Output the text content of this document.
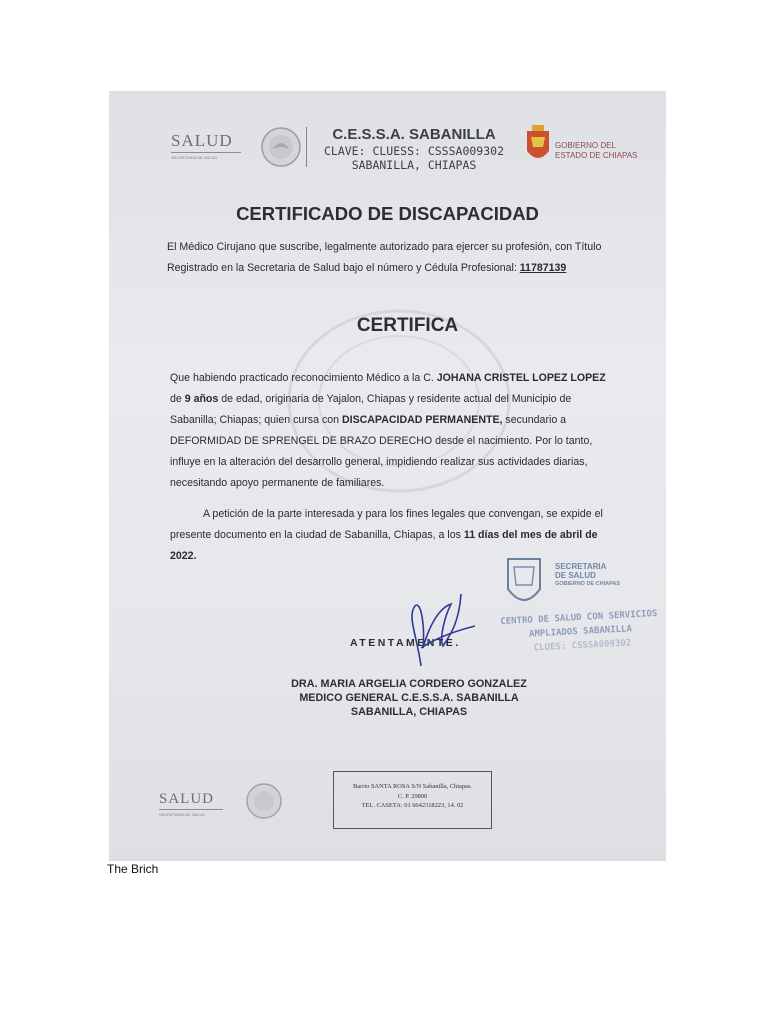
SALUD
SECRETARÍA DE SALUD
C.E.S.S.A. SABANILLA
CLAVE: CLUESS: CSSSA009302
SABANILLA, CHIAPAS
GOBIERNO DEL
ESTADO DE CHIAPAS
CERTIFICADO DE DISCAPACIDAD
El Médico Cirujano que suscribe, legalmente autorizado para ejercer su profesión, con Título
Registrado en la Secretaria de Salud bajo el número y Cédula Profesional: 11787139
CERTIFICA
Que habiendo practicado reconocimiento Médico a la C. JOHANA CRISTEL LOPEZ LOPEZ
de 9 años de edad, originaria de Yajalon, Chiapas y residente actual del Municipio de
Sabanilla; Chiapas; quien cursa con DISCAPACIDAD PERMANENTE, secundario a
DEFORMIDAD DE SPRENGEL DE BRAZO DERECHO desde el nacimiento. Por lo tanto,
influye en la alteración del desarrollo general, impidiendo realizar sus actividades diarias,
necesitando apoyo permanente de familiares.
A petición de la parte interesada y para los fines legales que convengan, se expide el
presente documento en la ciudad de Sabanilla, Chiapas, a los 11 días del mes de abril de
2022.
SECRETARIA
DE SALUD
GOBIERNO DE CHIAPAS
CENTRO DE SALUD CON SERVICIOS
AMPLIADOS SABANILLA
CLUES: CSSSA009302
ATENTAMENTE.
DRA. MARIA ARGELIA CORDERO GONZALEZ
MEDICO GENERAL C.E.S.S.A. SABANILLA
SABANILLA, CHIAPAS
SALUD
SECRETARÍA DE SALUD
Barrio SANTA ROSA S/N Sabanilla, Chiapas.
C. P. 29800
TEL. CASETA: 01 6642318223, 14. 02
The Brich
